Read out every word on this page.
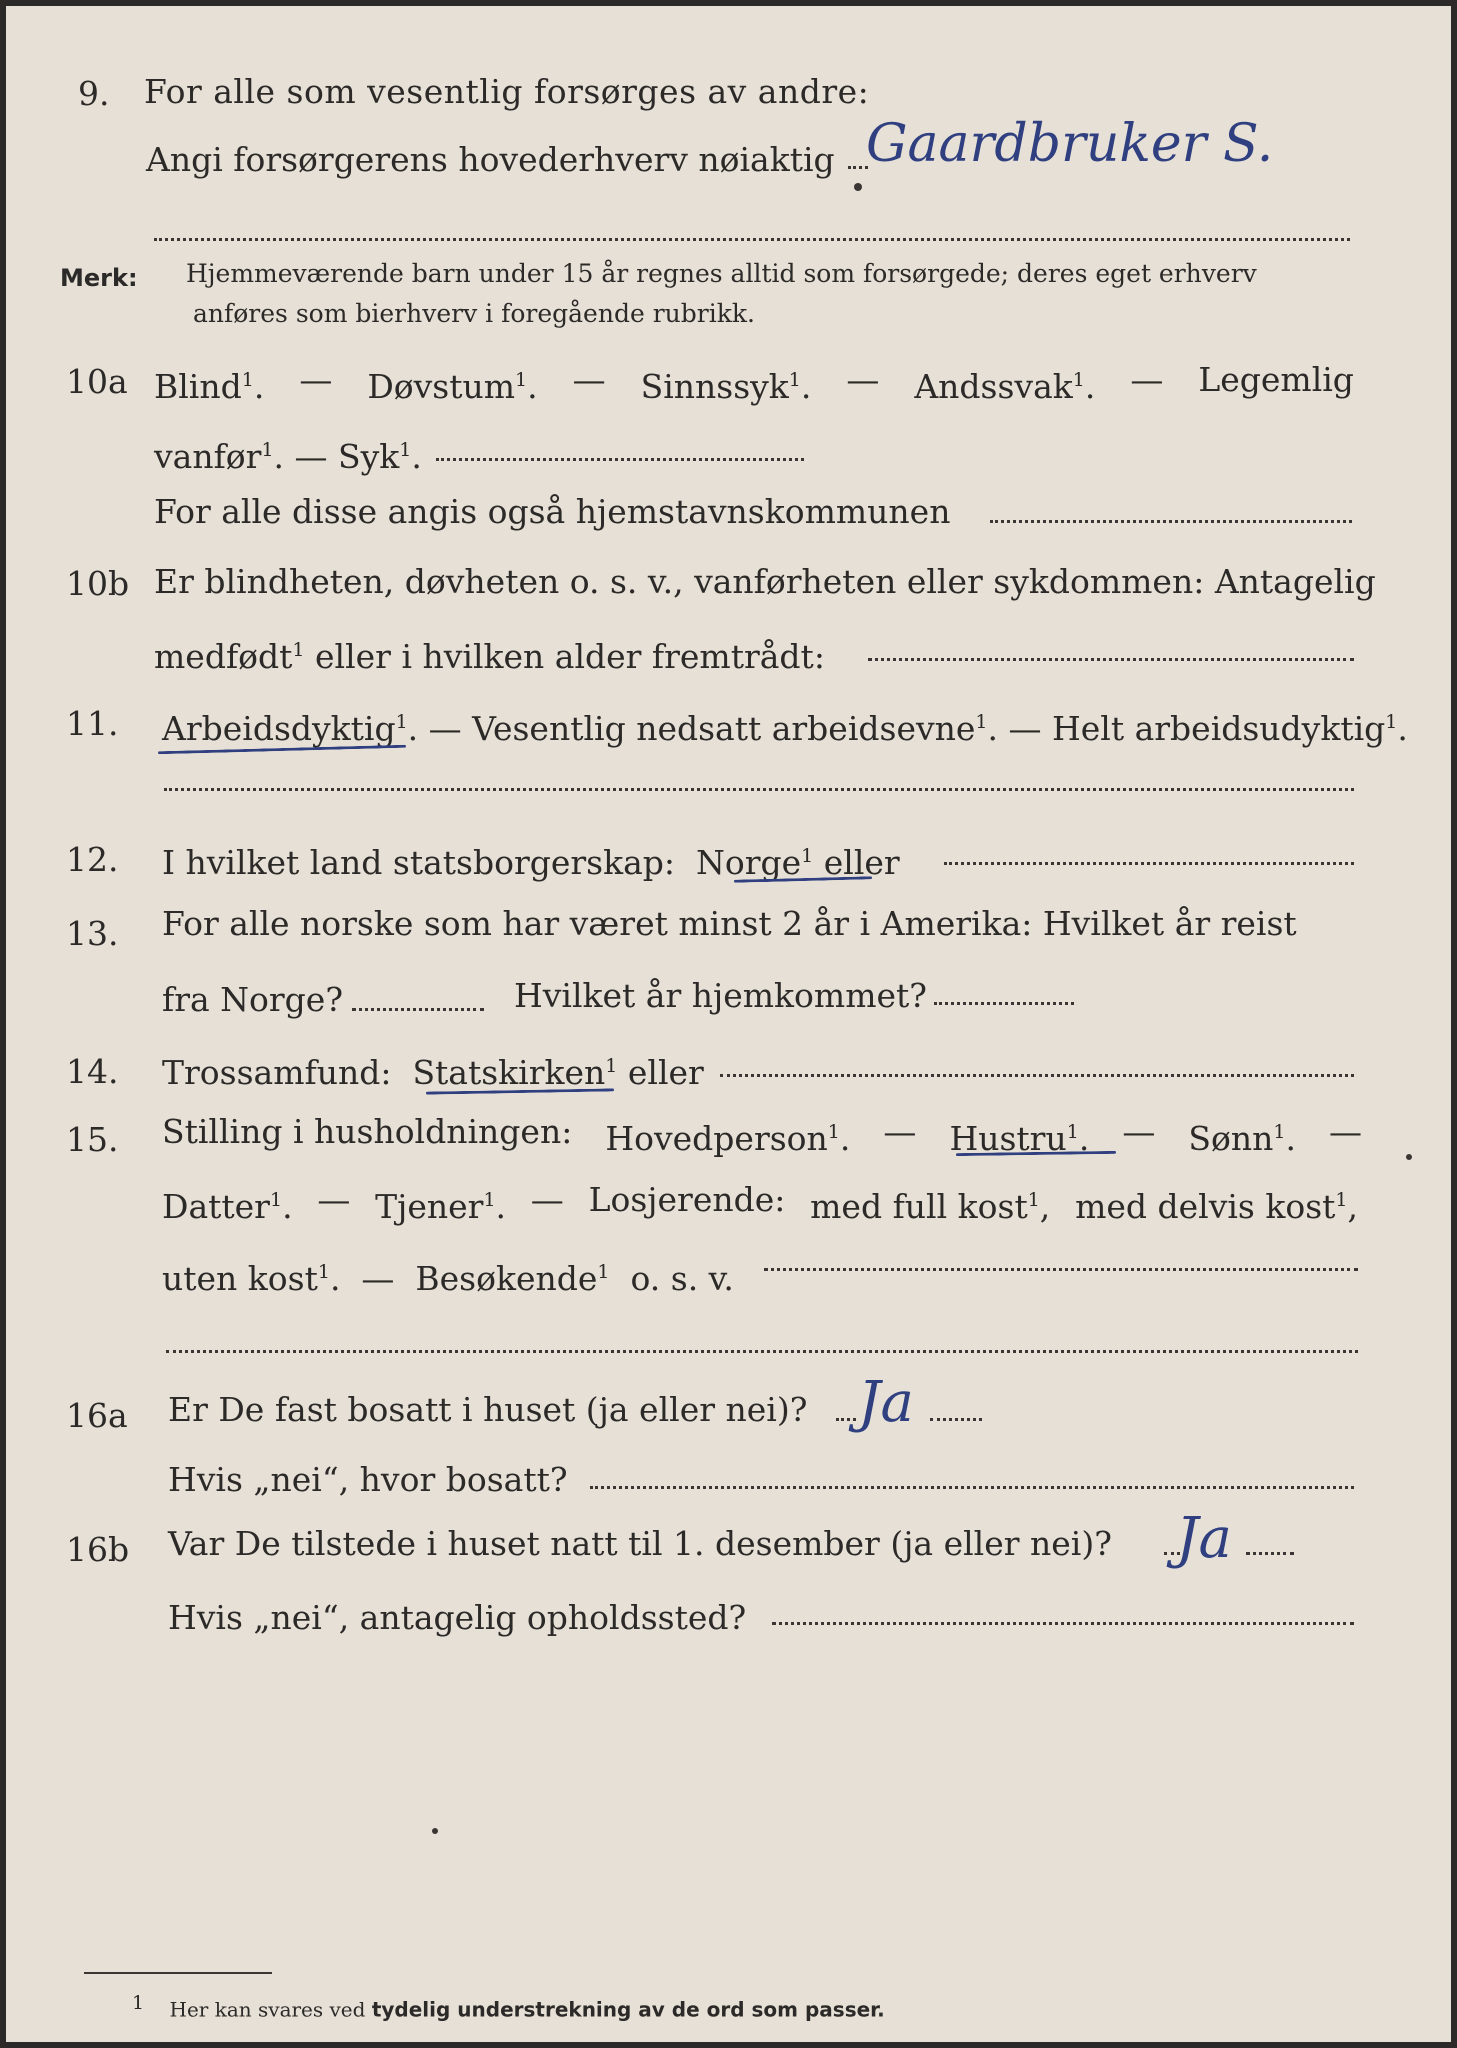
9. For alle som vesentlig forsørges av andre:
Angi forsørgerens hovederhverv nøiaktig Gaardbruker S.
Merk: Hjemmeværende barn under 15 år regnes alltid som forsørgede; deres eget erhverv
anføres som bierhverv i foregående rubrikk.
10a Blind$^1$. — Døvstum$^1$. — Sinnssyk$^1$. — Andssvak$^1$. — Legemlig
vanfør$^1$. — Syk$^1$.
For alle disse angis også hjemstavnskommunen
10b Er blindheten, døvheten o. s. v., vanførheten eller sykdommen: Antagelig
medfødt$^1$ eller i hvilken alder fremtrådt:
11. Arbeidsdyktig$^1$. — Vesentlig nedsatt arbeidsevne$^1$. — Helt arbeidsudyktig$^1$.
12. I hvilket land statsborgerskap: Norge$^1$ eller
13. For alle norske som har været minst 2 år i Amerika: Hvilket år reist
fra Norge?	Hvilket år hjemkommet?
14. Trossamfund: Statskirken$^1$ eller
15. Stilling i husholdningen: Hovedperson$^1$. — Hustru$^1$. — Sønn$^1$. —
Datter$^1$. — Tjener$^1$. — Losjerende: med full kost$^1$, med delvis kost$^1$,
uten kost$^1$.  —  Besøkende$^1$ o. s. v.
16a Er De fast bosatt i huset (ja eller nei)? Ja
Hvis „nei“, hvor bosatt?
16b Var De tilstede i huset natt til 1. desember (ja eller nei)? Ja
Hvis „nei“, antagelig opholdssted?
$^1$ Her kan svares ved tydelig understrekning av de ord som passer.
